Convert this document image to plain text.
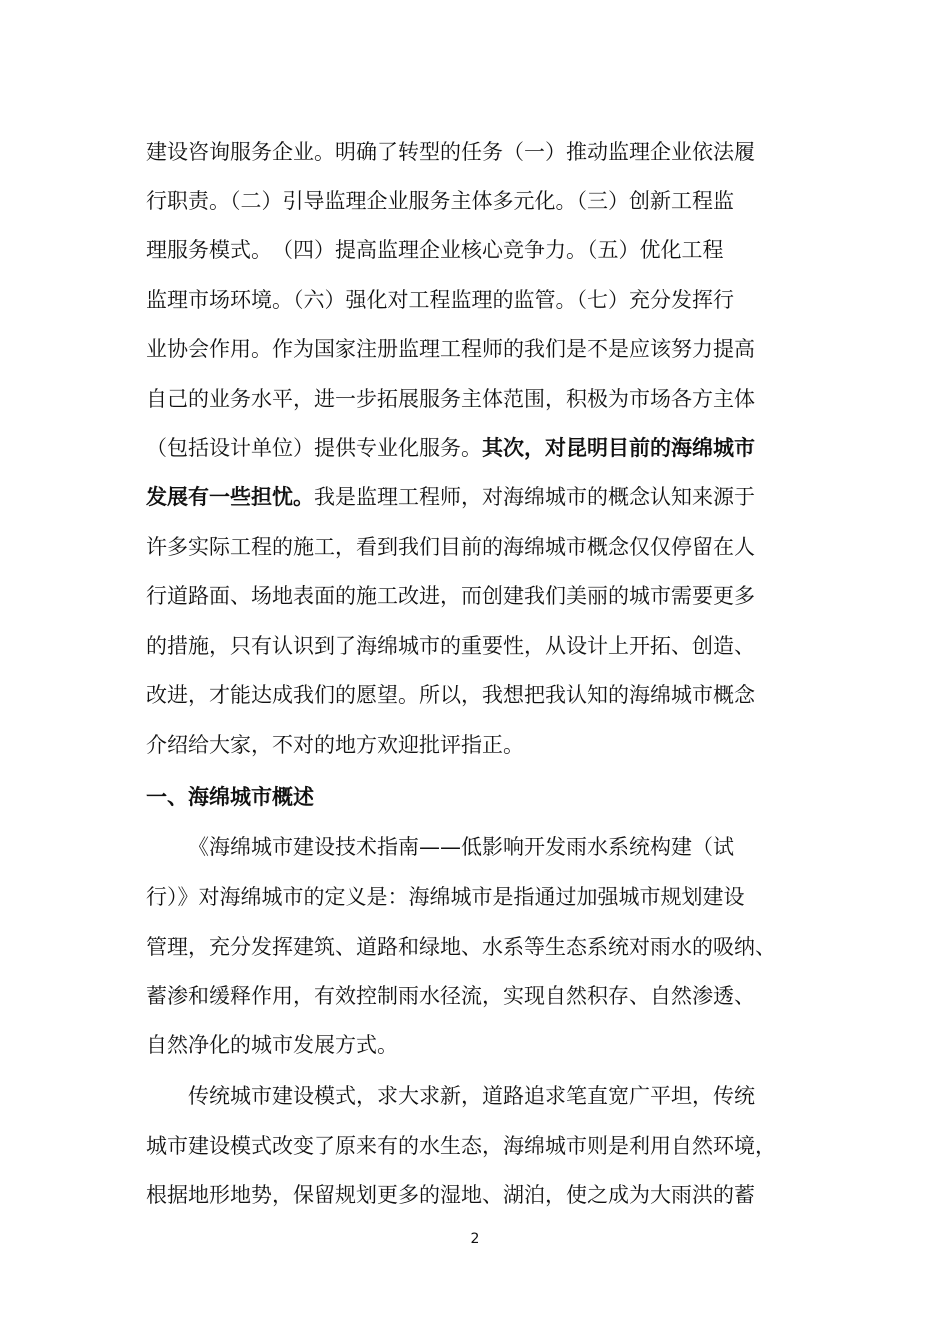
建设咨询服务企业。明确了转型的任务（一）推动监理企业依法履
行职责。（二）引导监理企业服务主体多元化。（三）创新工程监
理服务模式。　（四）提高监理企业核心竞争力。（五）优化工程
监理市场环境。（六）强化对工程监理的监管。（七）充分发挥行
业协会作用。作为国家注册监理工程师的我们是不是应该努力提高
自己的业务水平，进一步拓展服务主体范围，积极为市场各方主体
（包括设计单位）提供专业化服务。其次，对昆明目前的海绵城市
发展有一些担忧。我是监理工程师，对海绵城市的概念认知来源于
许多实际工程的施工，看到我们目前的海绵城市概念仅仅停留在人
行道路面、场地表面的施工改进，而创建我们美丽的城市需要更多
的措施，只有认识到了海绵城市的重要性，从设计上开拓、创造、
改进，才能达成我们的愿望。所以，我想把我认知的海绵城市概念
介绍给大家，不对的地方欢迎批评指正。
一、海绵城市概述
《海绵城市建设技术指南——低影响开发雨水系统构建（试
行）》对海绵城市的定义是：海绵城市是指通过加强城市规划建设
管理，充分发挥建筑、道路和绿地、水系等生态系统对雨水的吸纳、
蓄渗和缓释作用，有效控制雨水径流，实现自然积存、自然渗透、
自然净化的城市发展方式。
传统城市建设模式，求大求新，道路追求笔直宽广平坦，传统
城市建设模式改变了原来有的水生态，海绵城市则是利用自然环境，
根据地形地势，保留规划更多的湿地、湖泊，使之成为大雨洪的蓄
2
